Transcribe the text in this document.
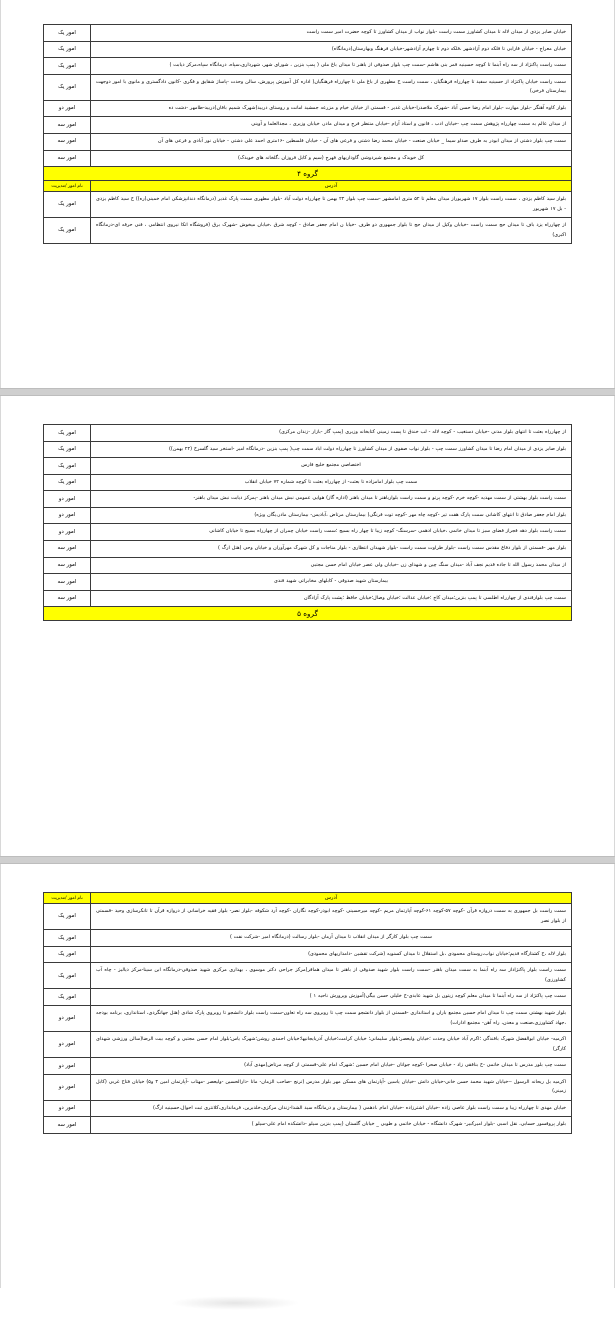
خیابان صابر یزدی از میدان لاله تا میدان کشاورز سمت راست -بلوار نواب از میدان کشاورز تا کوچه حضرت امیر سمت راست	امور یک
خیابان معراج - خیابان فارابی تا فلکه دوم آزادشهر ،فلکه دوم تا چهارم آزادشهر-خیابان فرهنگ وبهارستان(درمانگاه)	امور یک
سمت راست پاکنژاد از سه راه آبنما تا کوچه حسینیه قمر بنی هاشم -سمت چپ بلوار صدوقی از باهنر تا میدان باغ ملی ( پمپ بنزین ، شورای شهر، شهرداری،سپاه، درمانگاه سپاه،مرکز دیابت )	امور یک
سمت راست خیابان پاکنژاد از حسینیه سفید تا چهارراه فرهنگیان ، سمت راست خ مطهری از باغ ملی تا چهارراه فرهنگیان( اداره کل آموزش پرورش، سالن وحدت -پاساژ شقایق و فکری -کانون دادگستری و مانوی با امور دوجهت بیمارستان فرخی)	امور یک
بلوار کاوه آهنگر -بلوار مهارت -بلوار امام رضا حسن آباد -شهرک ملاصدرا-خیابان غدیر - قسمتی از خیابان خیام و مزرعه جمشید امانت و روستای دربید(شهرک شمیم بافان)دربید-طامهر -دشت ده	امور دو
از میدان عالم به سمت چهارراه پژوهش سمت چپ -خیابان ادب ، قانون و استاد آرام -خیابان منتظر فرج و میدان مادر، خیابان وزیری ، مجدالعلما و آوینی	امور سه
سمت چپ بلوار دشتی از میدان ابوذر به طرف صداو سیما _ خیابان صنعت - خیابان محمد رضا دشتی و فرعی های آن - خیابان فلسطین -۱۶متری احمد علی دشتی - خیابان نور آبادی و فرعی های آن	امور سه
کل خویدک و مجتمع شیردوشی گاوداریهای فهرج (سیم و کابل فروزان ،گلخانه های خویدک)	امور سه
گروه ۴	
آدرس	نام امور /مدیریت
بلوار سید کاظم یزدی ، سمت راست بلوار ۱۷ شهریوراز میدان معلم تا ۵۲ متری امامشهر -سمت چپ بلوار ۲۲ بهمن تا چهارراه دولت آباد -بلوار مطهری سمت پارک غدیر (درمانگاه دندانپزشکی امام خمینی(ره)) خ سید کاظم یزدی - بل ۱۷ شهریور	امور یک
از چهارراه یزد باف تا میدان حج سمت راست -خیابان وکیل از میدان حج تا بلوار جمهوری دو طرف -خیابا ن امام جعفر صادق - کوچه شرق ،خیابان میخوش -شهرک برق (فروشگاه اتکا نیروی انتظامی ، فنی حرفه ای-درمانگاه اکبری)	امور یک
از چهارراه بعثت تا انتهای بلوار مدنی -خیابان دستغیب - کوچه لاله - لب خندق تا پست زمینی کتابخانه وزیری (پمپ گاز -بازار -زندان مرکزی)	امور یک
بلوار صابر یزدی از میدان امام رضا تا میدان کشاورز سمت چپ - بلوار نواب صفوی از میدان کشاورز تا چهارراه دولت اباد سمت چپ( پمپ بنزین -درمانگاه امیر -استخر سید گلسرخ (۲۲ بهمن))	امور یک
اختصاصی مجتمع خلیج فارس	امور یک
سمت چپ بلوار امامزاده تا بعثت- از چهارراه بعثت تا کوچه شماره ۷۲ خیابان انقلاب	امور یک
سمت راست بلوار بهشتی از سمت مهدیه -کوچه خرم -کوچه پرتو و سمت راست بلوارباهنر تا میدان باهنر (اداره گاز) هوایی عمومی نبش میدان باهنر -پمرکز دیابت نبش میدان باهنر-	امور دو
بلوار امام جعفر صادق تا انتهای کاشانی سمت پارک هفت تیر -کوچه چاه مهر -کوچه توت فرنگی( بیمارستان مرتاض ،آبادیس- بیمارستان مادر،یگان ویژه)	امور دو
سمت راست بلوار دهه فجراز فضای سبز تا میدان خاتمی ،خیابان ادهمی -سرسنگ- کوچه زیبا تا چهار راه بسیج ؛سمت راست خیابان چمران از چهارراه بسیج تا خیابان کاشانی	امور دو
بلوار مهر -قسمتی از بلوار دفاع مقدس سمت راست -بلوار طراوت سمت راست -بلوار شهیدان انتظاری - بلوار مناجات و کل شهرک مهرآوران و خیابان وحی (هتل ارگ )	امور سه
از میدان محمد رسول الله تا جاده قدیم نجف آباد -میدان سنگ چین و شهدای زن -خیابان ولی عصر خیابان امام حسن مجتبی	امور سه
بیمارستان شهید صدوقی - کابلهای مخابراتی شهید قندی	امور سه
سمت چپ بلوارقندی از چهارراه اطلسی تا پمپ بنزین؛میدان کاج ؛خیابان عدالت ؛خیابان وصال؛خیابان حافظ ؛پشت پارک آزادگان	امور سه
گروه ۵	
آدرس	نام امور /مدیریت
سمت راست بل جمهوری به سمت دروازه قرآن -کوچه ۵۷-کوچه ۶۱-کوچه آپارتمان مریم -کوچه میرحسینی -کوچه ابوذر-کوچه نگاران -کوچه آرد شکوفه -بلوار نصر- بلوار فقیه خراسانی از دروازه قرآن تا تانکرسازی وحید -قسمتی از بلوار نصر	امور یک
سمت چپ بلوار کارگر از میدان انقلاب تا میدان آرمان -بلوار رسالت (درمانگاه امیر -شرکت نفت )	امور یک
بلوار لاله ،خ کشتارگاه قدیم؛خیابان نواب،روستای محمودی ،بل استقلال تا میدان کسنویه (شرکت تقشین -دامداریهای محمودی)	امور یک
سمت راست بلوار پاکنژاداز سه راه آبنما به سمت میدان باهنر -سمت راست بلوار شهید صدوقی از باهنر تا میدان همافر(مرکز جراحی دکتر موسوی ، بهداری مرکزی شهید صدوقی-درمانگاه ابن سینا-مرکز دیالیز - چاه آب کشاورزی)	امور یک
سمت چپ پاکنژاد از سه راه آبنما تا میدان معلم کوچه زیتون بل شهید عابدی-خ خلیلی حسن بیگی(آموزش وپرورش ناحیه ۱ )	امور یک
بلوار شهید بهشتی سمت چپ تا میدان امام حسین مجتمع باران و استانداری -قسمتی از بلوار دانشجو سمت چپ تا روبروی سه راه تعاون-سمت راست بلوار دانشجو تا روبروی پارک شادی (هتل جهانگردی، استانداری، برنامه بودجه ،جهاد کشاورزی،صنعت و معدن، راه آهن- مجتمع ادارات)	امور دو
اکرمیه- خیابان ابوالفضل شهرک بافندگی ؛اکرم آباد خیابان وحدت ؛خیابان ولیعصر؛بلوار سلیمانی؛ خیابان کرامت؛خیابان آذربایجانیها؛خیابان احمدی روشن؛شهرک یاس؛بلوار امام حسن مجتبی و کوچه بیت الرضا(سالن ورزشی شهدای کارگر)	امور دو
سمت چپ بلور مدرس تا میدان خاتمی -خ بنافقی زاد - خیابان صحرا -کوچه جوانان -خیابان امام حسین ؛شهرک امام علی-قسمتی از کوچه مرتاض(مهدی آباد)	امور دو
اکرمیه بل ریحانه الرسول --خیابان شهید محمد حسن خانی-خیابان دانش -خیابان یاسین -آپارتمان های مسکن مهر بلوار مدرس (ترنج -صاحب الزمان- مانا -دارالحسین -ولیعصر -مهتاب -آپارتمان امین ۴ و۵) خیابان فتاح غربی (کابل زمینی)	امور دو
خیابان مهدی تا چهارراه زیبا و سمت راست بلوار عاصی زاده -خیابان اشترزاده -خیابان امام ،ادهمی ( بیمارستان و درمانگاه سید الشدا-زندان مرکزی،خلدبرین، فرمانداری،کلانتری ثبت احوال،حسینیه ارگ)	امور دو
بلوار پروفسور حسابی، نقل اسبی -بلوار امیرکبیر- شهرک دانشگاه - خیابان خاتمی و طوبی _ خیابان گلستان (پمپ بنزین سیلو -دانشکده امام علی-سیلو )	امور سه
